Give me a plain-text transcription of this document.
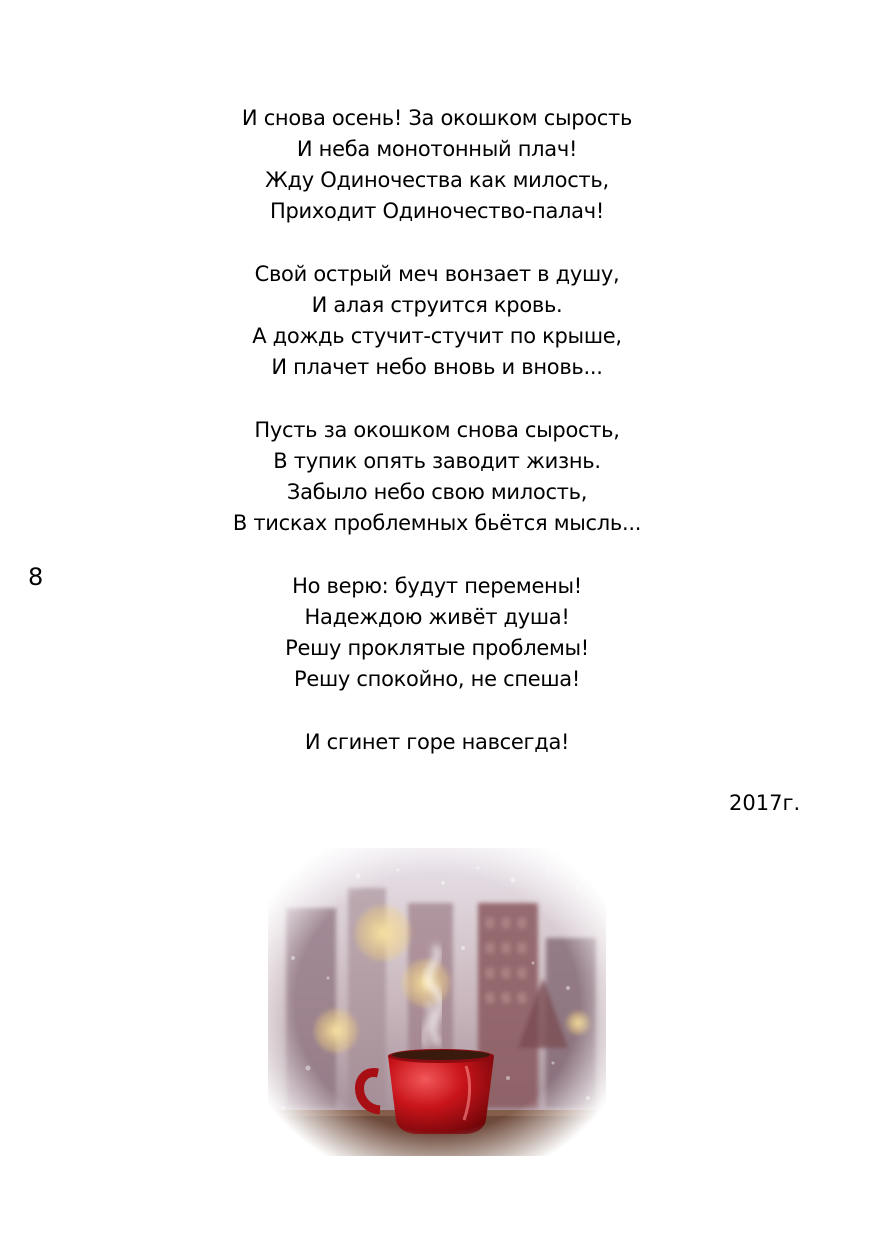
И снова осень! За окошком сырость
И неба монотонный плач!
Жду Одиночества как милость,
Приходит Одиночество-палач!
Свой острый меч вонзает в душу,
И алая струится кровь.
А дождь стучит-стучит по крыше,
И плачет небо вновь и вновь...
Пусть за окошком снова сырость,
В тупик опять заводит жизнь.
Забыло небо свою милость,
В тисках проблемных бьётся мысль...
Но верю: будут перемены!
Надеждою живёт душа!
Решу проклятые проблемы!
Решу спокойно, не спеша!
И сгинет горе навсегда!
8
2017г.
